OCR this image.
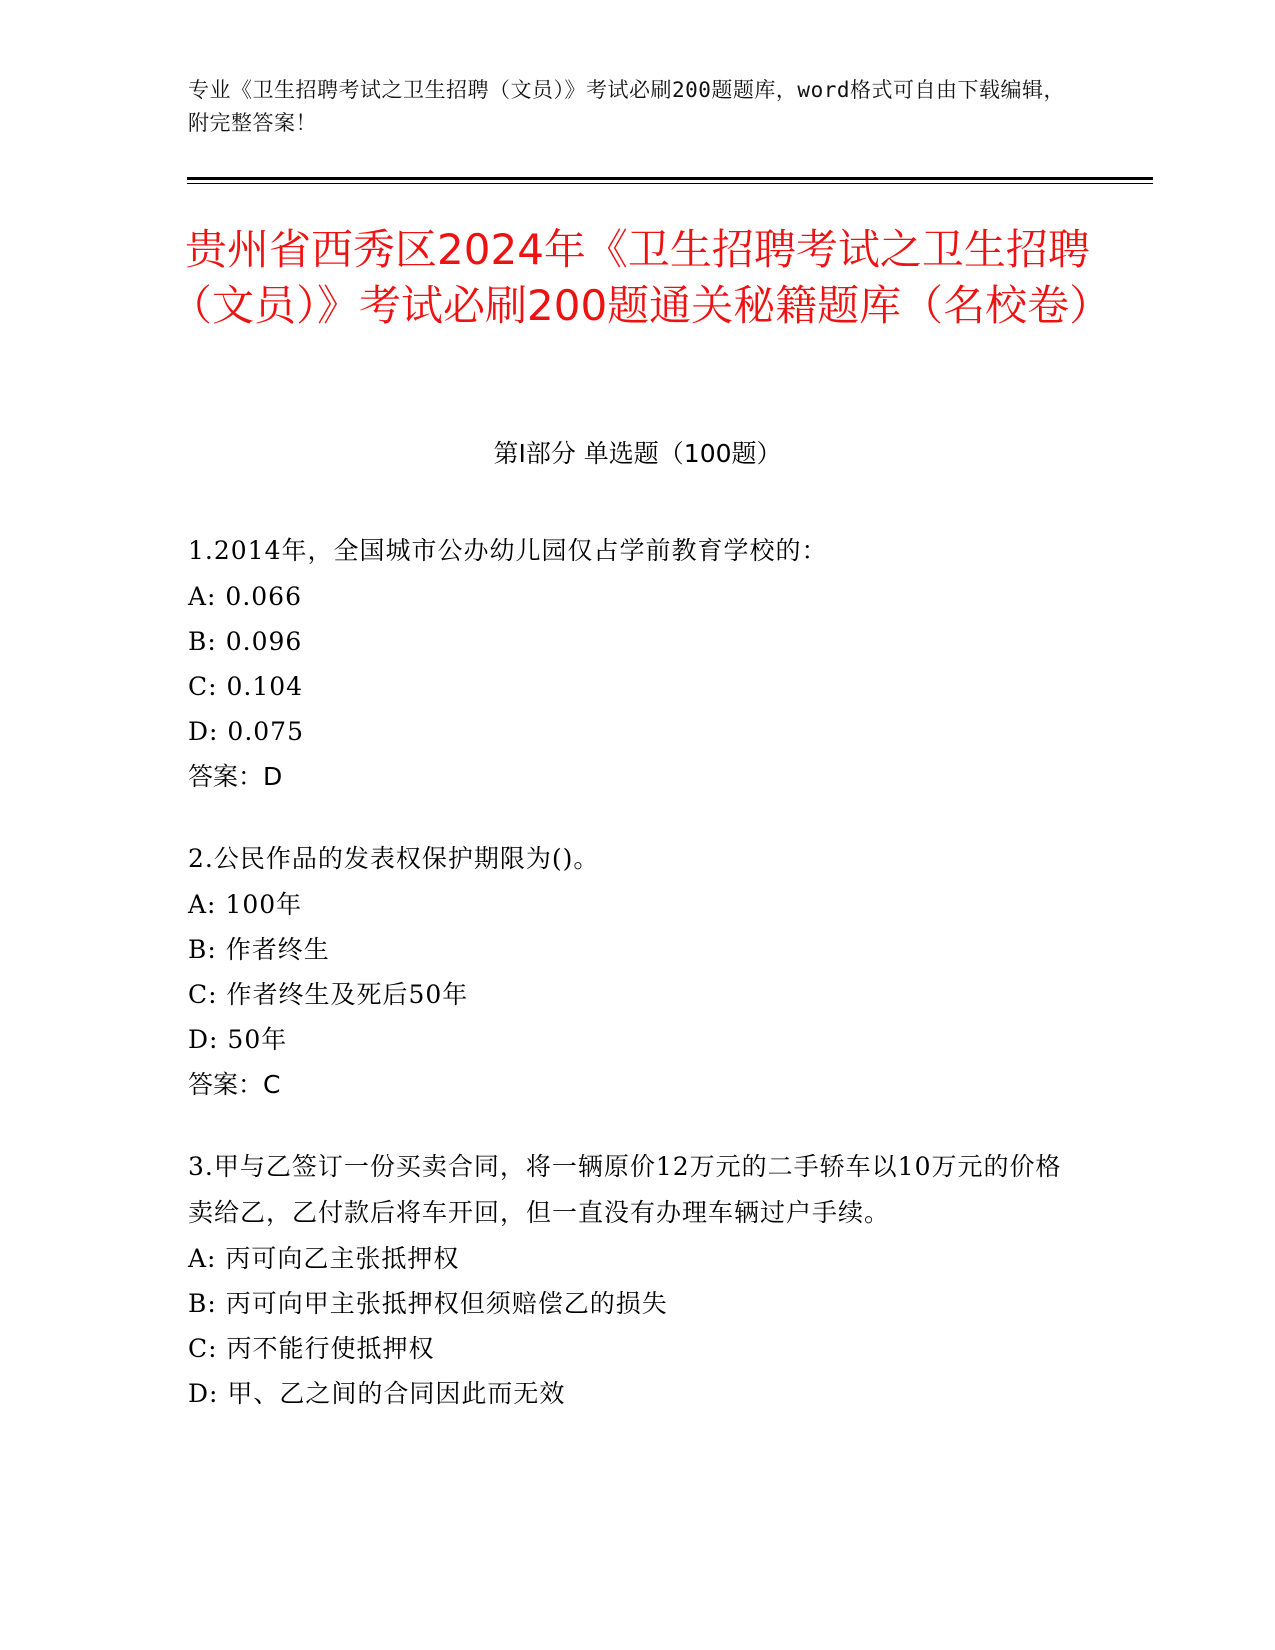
专业《卫生招聘考试之卫生招聘（文员）》考试必刷200题题库，word格式可自由下载编辑，附完整答案！
贵州省西秀区2024年《卫生招聘考试之卫生招聘（文员）》考试必刷200题通关秘籍题库（名校卷）
第Ⅰ部分 单选题（100题）

1.2014年，全国城市公办幼儿园仅占学前教育学校的：

A: 0.066

B: 0.096

C: 0.104

D: 0.075

答案：D

2.公民作品的发表权保护期限为()。

A: 100年

B: 作者终生

C: 作者终生及死后50年

D: 50年

答案：C

3.甲与乙签订一份买卖合同，将一辆原价12万元的二手轿车以10万元的价格卖给乙，乙付款后将车开回，但一直没有办理车辆过户手续。

A: 丙可向乙主张抵押权

B: 丙可向甲主张抵押权但须赔偿乙的损失

C: 丙不能行使抵押权

D: 甲、乙之间的合同因此而无效
